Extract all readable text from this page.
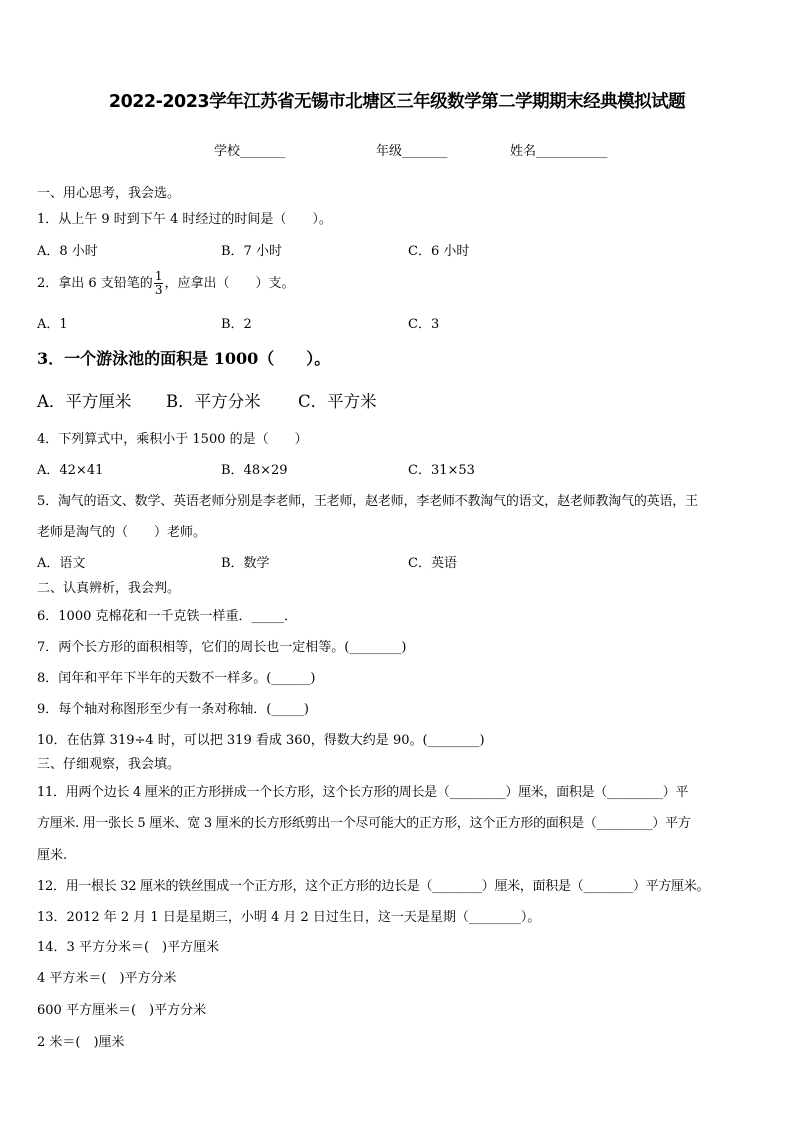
2022-2023学年江苏省无锡市北塘区三年级数学第二学期期末经典模拟试题
学校_______	年级_______	姓名___________
一、用心思考，我会选。
1．从上午 9 时到下午 4 时经过的时间是（　　）。
A．8 小时	B．7 小时	C．6 小时
2．拿出 6 支铅笔的 $\frac{1}{3}$ ，应拿出（　　）支。
A．1	B．2	C．3
3．一个游泳池的面积是 1000（　　）。
A．平方厘米 B．平方分米 C．平方米
4．下列算式中，乘积小于 1500 的是（　　）
A．42×41	B．48×29	C．31×53
5．淘气的语文、数学、英语老师分别是李老师，王老师，赵老师，李老师不教淘气的语文，赵老师教淘气的英语，王
老师是淘气的（　　）老师。
A．语文	B．数学	C．英语
二、认真辨析，我会判。
6．1000 克棉花和一千克铁一样重．_____．
7．两个长方形的面积相等，它们的周长也一定相等。(________)
8．闰年和平年下半年的天数不一样多。(______)
9．每个轴对称图形至少有一条对称轴．(_____)
10．在估算 319÷4 时，可以把 319 看成 360，得数大约是 90。(________)
三、仔细观察，我会填。
11．用两个边长 4 厘米的正方形拼成一个长方形，这个长方形的周长是（_________）厘米，面积是（_________）平
方厘米. 用一张长 5 厘米、宽 3 厘米的长方形纸剪出一个尽可能大的正方形，这个正方形的面积是（_________）平方
厘米.
12．用一根长 32 厘米的铁丝围成一个正方形，这个正方形的边长是（________）厘米，面积是（________）平方厘米。
13．2012 年 2 月 1 日是星期三，小明 4 月 2 日过生日，这一天是星期（________）。
14．3 平方分米＝(　)平方厘米
4 平方米＝(　)平方分米
600 平方厘米＝(　)平方分米
2 米＝(　)厘米
